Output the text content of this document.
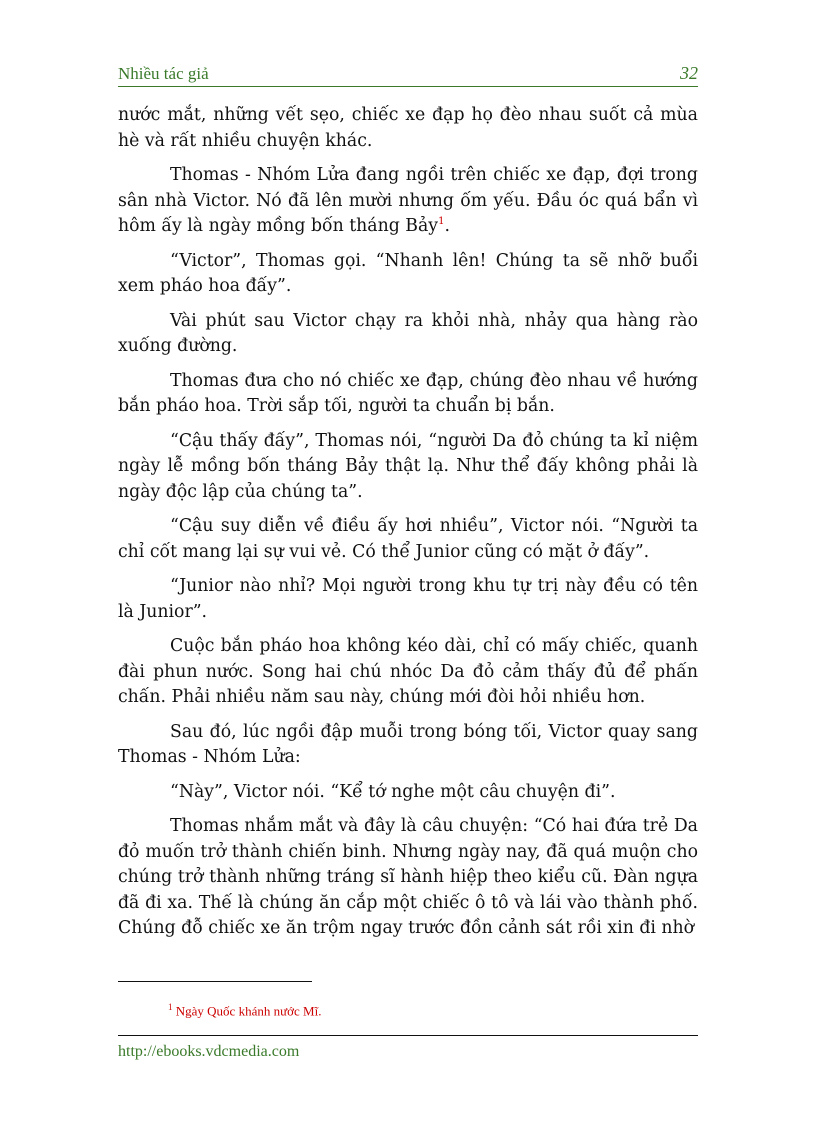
Nhiều tác giả	32

nước mắt, những vết sẹo, chiếc xe đạp họ đèo nhau suốt cả mùa hè và rất nhiều chuyện khác.

Thomas - Nhóm Lửa đang ngồi trên chiếc xe đạp, đợi trong sân nhà Victor. Nó đã lên mười nhưng ốm yếu. Đầu óc quá bẩn vì hôm ấy là ngày mồng bốn tháng Bảy$^1$.

“Victor”, Thomas gọi. “Nhanh lên! Chúng ta sẽ nhỡ buổi xem pháo hoa đấy”.

Vài phút sau Victor chạy ra khỏi nhà, nhảy qua hàng rào xuống đường.

Thomas đưa cho nó chiếc xe đạp, chúng đèo nhau về hướng bắn pháo hoa. Trời sắp tối, người ta chuẩn bị bắn.

“Cậu thấy đấy”, Thomas nói, “người Da đỏ chúng ta kỉ niệm ngày lễ mồng bốn tháng Bảy thật lạ. Như thể đấy không phải là ngày độc lập của chúng ta”.

“Cậu suy diễn về điều ấy hơi nhiều”, Victor nói. “Người ta chỉ cốt mang lại sự vui vẻ. Có thể Junior cũng có mặt ở đấy”.

“Junior nào nhỉ? Mọi người trong khu tự trị này đều có tên là Junior”.

Cuộc bắn pháo hoa không kéo dài, chỉ có mấy chiếc, quanh đài phun nước. Song hai chú nhóc Da đỏ cảm thấy đủ để phấn chấn. Phải nhiều năm sau này, chúng mới đòi hỏi nhiều hơn.

Sau đó, lúc ngồi đập muỗi trong bóng tối, Victor quay sang Thomas - Nhóm Lửa:

“Này”, Victor nói. “Kể tớ nghe một câu chuyện đi”.

Thomas nhắm mắt và đây là câu chuyện: “Có hai đứa trẻ Da đỏ muốn trở thành chiến binh. Nhưng ngày nay, đã quá muộn cho chúng trở thành những tráng sĩ hành hiệp theo kiểu cũ. Đàn ngựa đã đi xa. Thế là chúng ăn cắp một chiếc ô tô và lái vào thành phố. Chúng đỗ chiếc xe ăn trộm ngay trước đồn cảnh sát rồi xin đi nhờ

$^1$ Ngày Quốc khánh nước Mĩ.
http://ebooks.vdcmedia.com
